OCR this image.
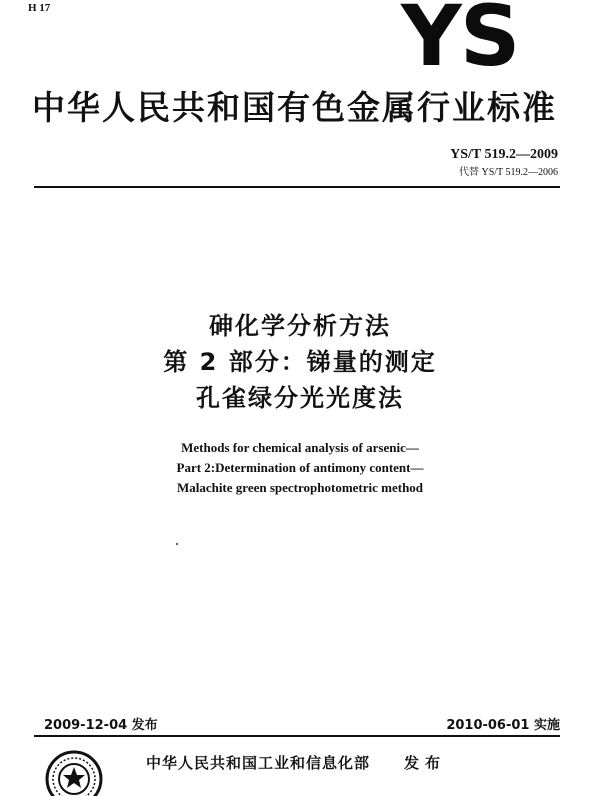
H 17	YS
中华人民共和国有色金属行业标准
YS/T 519.2—2009
代替 YS/T 519.2—2006
砷化学分析方法
第 2 部分：锑量的测定
孔雀绿分光光度法
Methods for chemical analysis of arsenic—
Part 2:Determination of antimony content—
Malachite green spectrophotometric method
2009-12-04 发布	2010-06-01 实施
中华人民共和国工业和信息化部 发布
